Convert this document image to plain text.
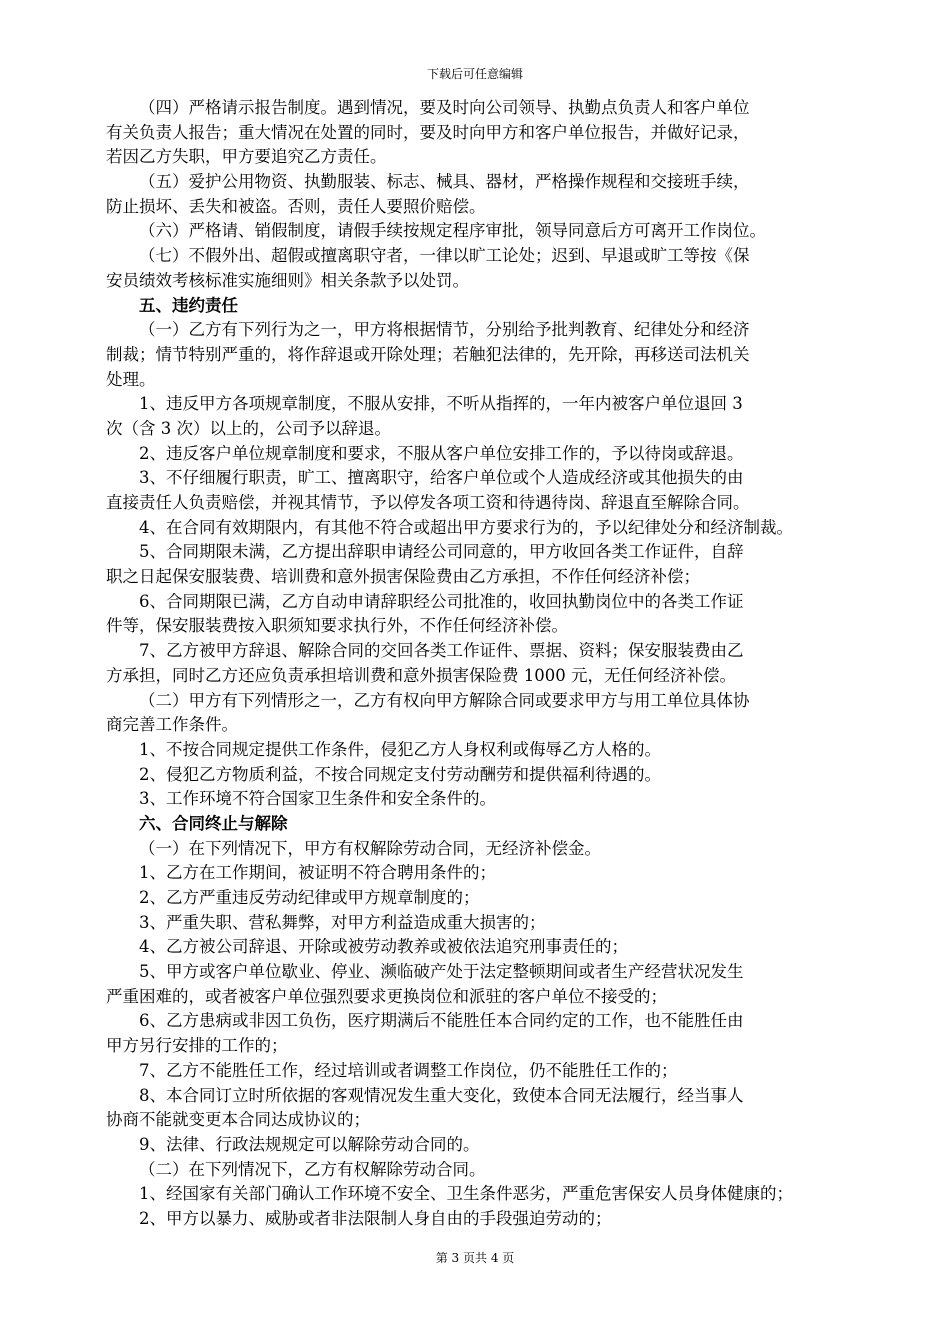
下载后可任意编辑
（四）严格请示报告制度。遇到情况，要及时向公司领导、执勤点负责人和客户单位
有关负责人报告；重大情况在处置的同时，要及时向甲方和客户单位报告，并做好记录，
若因乙方失职，甲方要追究乙方责任。
（五）爱护公用物资、执勤服装、标志、械具、器材，严格操作规程和交接班手续，
防止损坏、丢失和被盗。否则，责任人要照价赔偿。
（六）严格请、销假制度，请假手续按规定程序审批，领导同意后方可离开工作岗位。
（七）不假外出、超假或擅离职守者，一律以旷工论处；迟到、早退或旷工等按《保
安员绩效考核标准实施细则》相关条款予以处罚。
五、违约责任
（一）乙方有下列行为之一，甲方将根据情节，分别给予批判教育、纪律处分和经济
制裁；情节特别严重的，将作辞退或开除处理；若触犯法律的，先开除，再移送司法机关
处理。
1、违反甲方各项规章制度，不服从安排，不听从指挥的，一年内被客户单位退回 3
次（含 3 次）以上的，公司予以辞退。
2、违反客户单位规章制度和要求，不服从客户单位安排工作的，予以待岗或辞退。
3、不仔细履行职责，旷工、擅离职守，给客户单位或个人造成经济或其他损失的由
直接责任人负责赔偿，并视其情节，予以停发各项工资和待遇待岗、辞退直至解除合同。
4、在合同有效期限内，有其他不符合或超出甲方要求行为的，予以纪律处分和经济制裁。
5、合同期限未满，乙方提出辞职申请经公司同意的，甲方收回各类工作证件，自辞
职之日起保安服装费、培训费和意外损害保险费由乙方承担，不作任何经济补偿；
6、合同期限已满，乙方自动申请辞职经公司批准的，收回执勤岗位中的各类工作证
件等，保安服装费按入职须知要求执行外，不作任何经济补偿。
7、乙方被甲方辞退、解除合同的交回各类工作证件、票据、资料；保安服装费由乙
方承担，同时乙方还应负责承担培训费和意外损害保险费 1000 元，无任何经济补偿。
（二）甲方有下列情形之一，乙方有权向甲方解除合同或要求甲方与用工单位具体协
商完善工作条件。
1、不按合同规定提供工作条件，侵犯乙方人身权利或侮辱乙方人格的。
2、侵犯乙方物质利益，不按合同规定支付劳动酬劳和提供福利待遇的。
3、工作环境不符合国家卫生条件和安全条件的。
六、合同终止与解除
（一）在下列情况下，甲方有权解除劳动合同，无经济补偿金。
1、乙方在工作期间，被证明不符合聘用条件的；
2、乙方严重违反劳动纪律或甲方规章制度的；
3、严重失职、营私舞弊，对甲方利益造成重大损害的；
4、乙方被公司辞退、开除或被劳动教养或被依法追究刑事责任的；
5、甲方或客户单位歇业、停业、濒临破产处于法定整顿期间或者生产经营状况发生
严重困难的，或者被客户单位强烈要求更换岗位和派驻的客户单位不接受的；
6、乙方患病或非因工负伤，医疗期满后不能胜任本合同约定的工作，也不能胜任由
甲方另行安排的工作的；
7、乙方不能胜任工作，经过培训或者调整工作岗位，仍不能胜任工作的；
8、本合同订立时所依据的客观情况发生重大变化，致使本合同无法履行，经当事人
协商不能就变更本合同达成协议的；
9、法律、行政法规规定可以解除劳动合同的。
（二）在下列情况下，乙方有权解除劳动合同。
1、经国家有关部门确认工作环境不安全、卫生条件恶劣，严重危害保安人员身体健康的；
2、甲方以暴力、威胁或者非法限制人身自由的手段强迫劳动的；
第 3 页共 4 页
